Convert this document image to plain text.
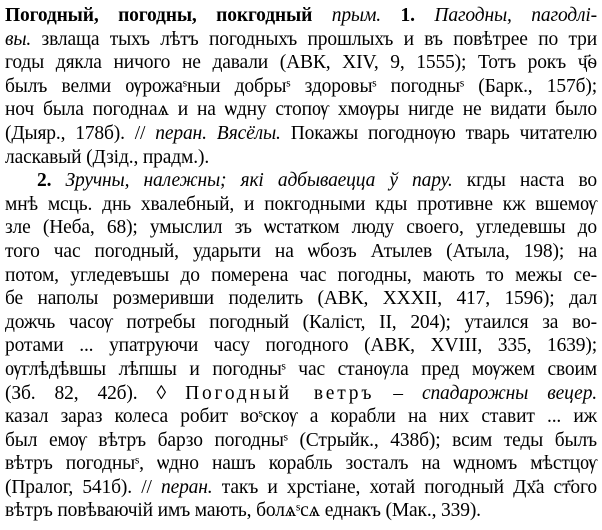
Погодный, погодны, покгодный прым. 1. Пагодны, пагодлі-
вы. звлаща тыхъ лѣтъ погодныхъ прошлыхъ и въ повѣтрее по три
годы дякла ничого не давали (АВК, XIV, 9, 1555); Тотъ рокъ ҷ҃ѳ
былъ велми ѹрожаˢныи добрыˢ здоровыˢ погодныˢ (Барк., 157б);
ноч была погоднаѧ и на ѡдну стопѹ хмѹры нигде не видати было
(Дыяр., 178б). // перан. Вясёлы. Покажы погоднѹю тварь читателю
ласкавый (Дзід., прадм.).
2. Зручны, належны; які адбываецца ў пару. кгды наста во
мнѣ мсць. днь хвалебный, и покгодными кды противне кж вшемѹ
зле (Неба, 68); умыслил зъ ѡстатком люду своего, угледевшы до
того час погодный, ударыти на ѡбозъ Атылев (Атыла, 198); на
потом, угледевъшы до померена час погодны, мають то межы се-
бе наполы розмеривши поделить (АВК, XXXII, 417, 1596); дал
дожчь часѹ потребы погодный (Каліст, II, 204); утаился за во-
ротами ... упатруючи часу погодного (АВК, XVIII, 335, 1639);
ѹглѣдѣвшы лѣпшы и погодныˢ час станѹла пред мѹжем своим
(Зб. 82, 42б). ◊ Погодный ветръ – спадарожны вецер.
казал зараз колеса робит воˢскѹ а корабли на них ставит ... иж
был емѹ вѣтръ барзо погодныˢ (Стрыйк., 438б); всим теды былъ
вѣтръ погодныˢ, ѡдно нашъ корабль зосталъ на ѡдномъ мѣстцѹ
(Пралог, 541б). // перан. такъ и хрстіане, хотай погодный Дх҃а ст҃ого
вѣтръ повѣваючій имъ мають, болѧˢсѧ еднакъ (Мак., 339).
